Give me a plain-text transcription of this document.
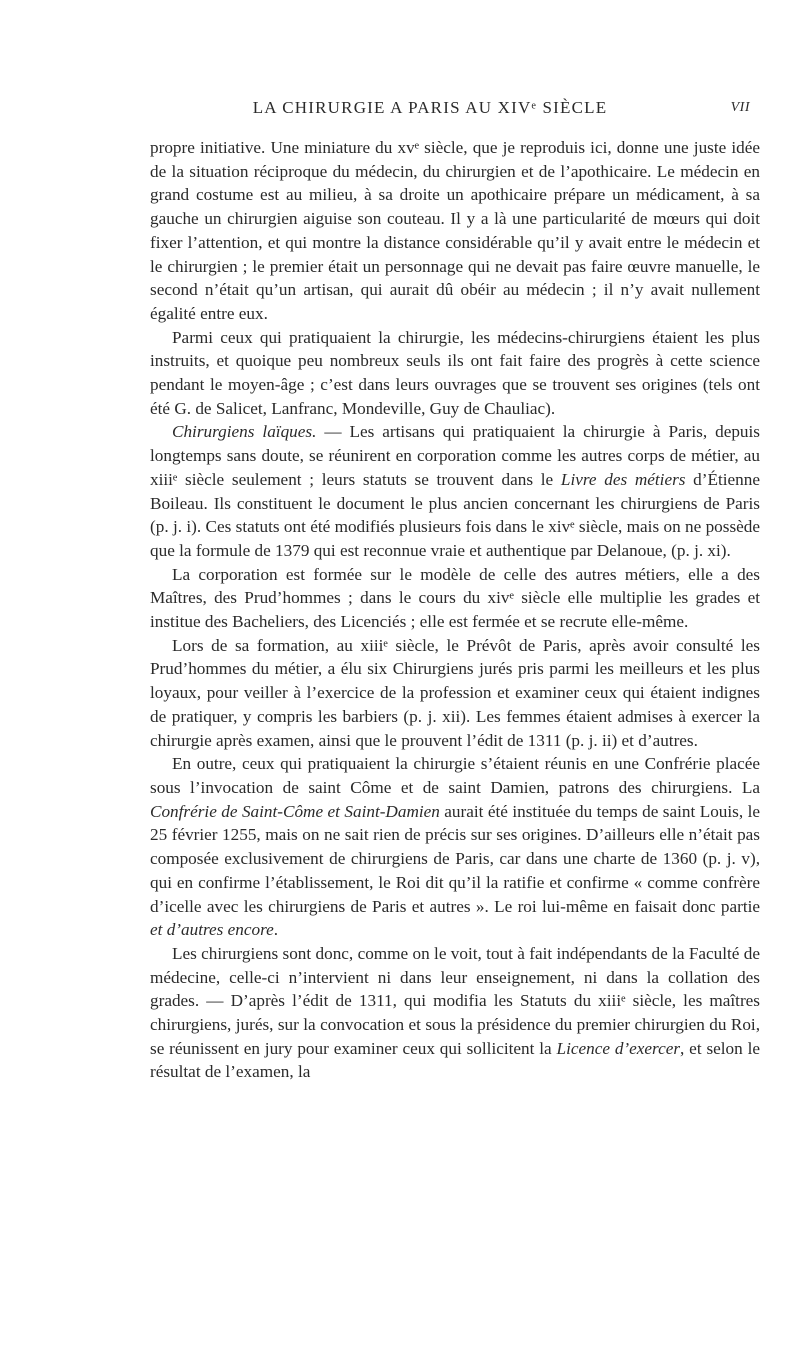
LA CHIRURGIE A PARIS AU XIVᵉ SIÈCLE	VII

propre initiative. Une miniature du xvᵉ siècle, que je reproduis ici, donne une juste idée de la situation réciproque du médecin, du chirurgien et de l’apothicaire. Le médecin en grand costume est au milieu, à sa droite un apothicaire prépare un médicament, à sa gauche un chirurgien aiguise son couteau. Il y a là une particularité de mœurs qui doit fixer l’attention, et qui montre la distance considérable qu’il y avait entre le médecin et le chirurgien ; le premier était un personnage qui ne devait pas faire œuvre manuelle, le second n’était qu’un artisan, qui aurait dû obéir au médecin ; il n’y avait nullement égalité entre eux.

Parmi ceux qui pratiquaient la chirurgie, les médecins-chirurgiens étaient les plus instruits, et quoique peu nombreux seuls ils ont fait faire des progrès à cette science pendant le moyen-âge ; c’est dans leurs ouvrages que se trouvent ses origines (tels ont été G. de Salicet, Lanfranc, Mondeville, Guy de Chauliac).

Chirurgiens laïques. — Les artisans qui pratiquaient la chirurgie à Paris, depuis longtemps sans doute, se réunirent en corporation comme les autres corps de métier, au xiiiᵉ siècle seulement ; leurs statuts se trouvent dans le Livre des métiers d’Étienne Boileau. Ils constituent le document le plus ancien concernant les chirurgiens de Paris (p. j. i). Ces statuts ont été modifiés plusieurs fois dans le xivᵉ siècle, mais on ne possède que la formule de 1379 qui est reconnue vraie et authentique par Delanoue, (p. j. xi).

La corporation est formée sur le modèle de celle des autres métiers, elle a des Maîtres, des Prud’hommes ; dans le cours du xivᵉ siècle elle multiplie les grades et institue des Bacheliers, des Licenciés ; elle est fermée et se recrute elle-même.

Lors de sa formation, au xiiiᵉ siècle, le Prévôt de Paris, après avoir consulté les Prud’hommes du métier, a élu six Chirurgiens jurés pris parmi les meilleurs et les plus loyaux, pour veiller à l’exercice de la profession et examiner ceux qui étaient indignes de pratiquer, y compris les barbiers (p. j. xii). Les femmes étaient admises à exercer la chirurgie après examen, ainsi que le prouvent l’édit de 1311 (p. j. ii) et d’autres.

En outre, ceux qui pratiquaient la chirurgie s’étaient réunis en une Confrérie placée sous l’invocation de saint Côme et de saint Damien, patrons des chirurgiens. La Confrérie de Saint-Côme et Saint-Damien aurait été instituée du temps de saint Louis, le 25 février 1255, mais on ne sait rien de précis sur ses origines. D’ailleurs elle n’était pas composée exclusivement de chirurgiens de Paris, car dans une charte de 1360 (p. j. v), qui en confirme l’établissement, le Roi dit qu’il la ratifie et confirme « comme confrère d’icelle avec les chirurgiens de Paris et autres ». Le roi lui-même en faisait donc partie et d’autres encore.

Les chirurgiens sont donc, comme on le voit, tout à fait indépendants de la Faculté de médecine, celle-ci n’intervient ni dans leur enseignement, ni dans la collation des grades. — D’après l’édit de 1311, qui modifia les Statuts du xiiiᵉ siècle, les maîtres chirurgiens, jurés, sur la convocation et sous la présidence du premier chirurgien du Roi, se réunissent en jury pour examiner ceux qui sollicitent la Licence d’exercer, et selon le résultat de l’examen, la
